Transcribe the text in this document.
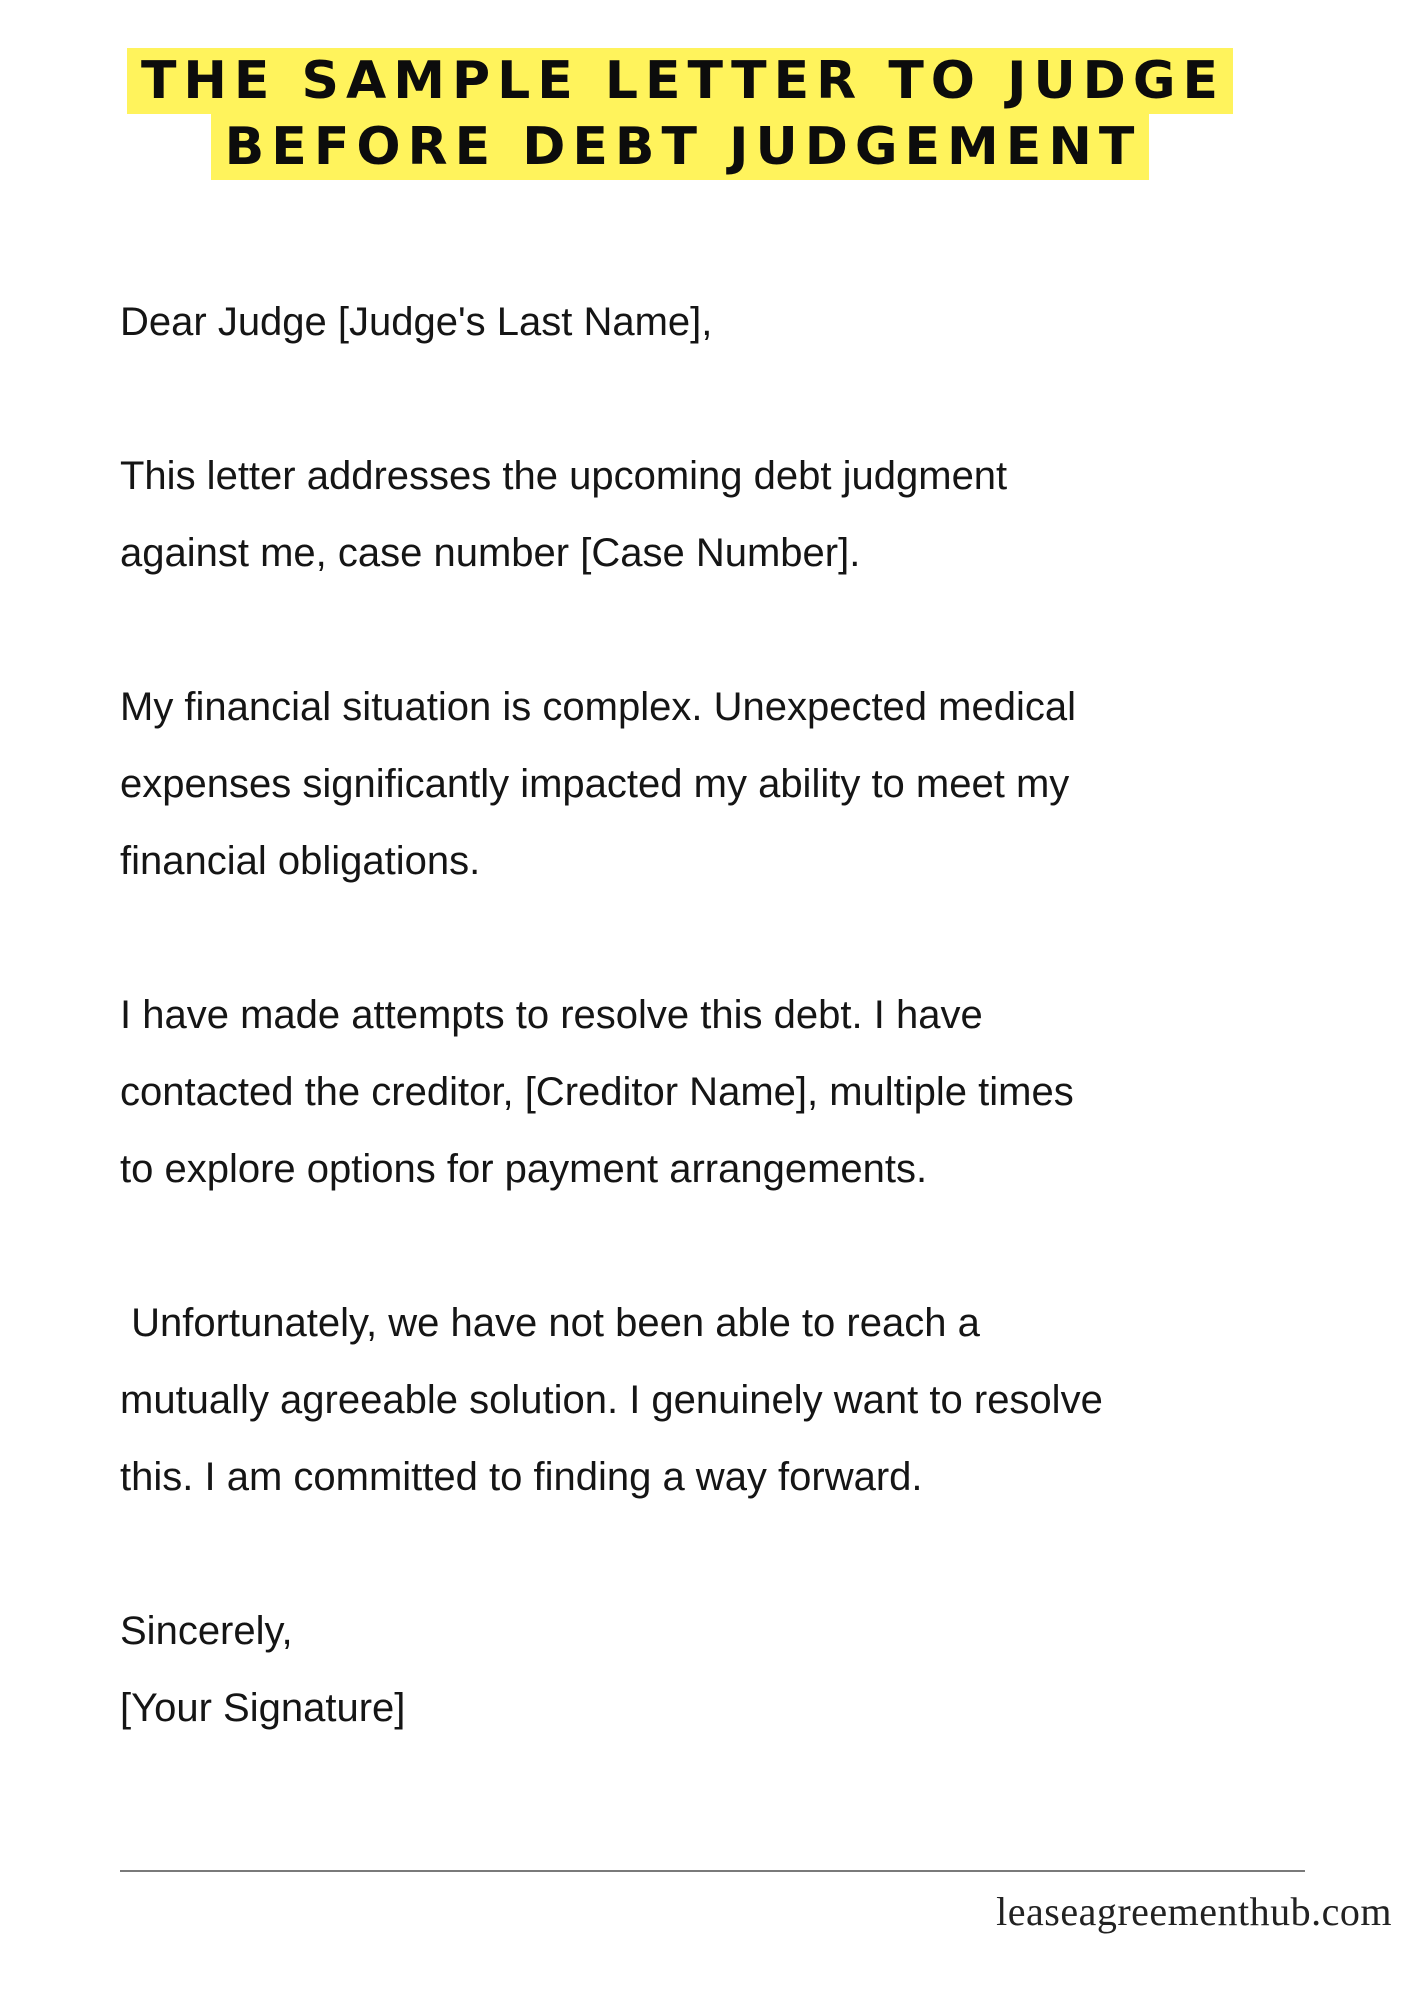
THE SAMPLE LETTER TO JUDGE
BEFORE DEBT JUDGEMENT

Dear Judge [Judge's Last Name],

This letter addresses the upcoming debt judgment

against me, case number [Case Number].

My financial situation is complex. Unexpected medical

expenses significantly impacted my ability to meet my

financial obligations.

I have made attempts to resolve this debt. I have

contacted the creditor, [Creditor Name], multiple times

to explore options for payment arrangements.

Unfortunately, we have not been able to reach a

mutually agreeable solution. I genuinely want to resolve

this. I am committed to finding a way forward.

Sincerely,

[Your Signature]

leaseagreementhub.com
